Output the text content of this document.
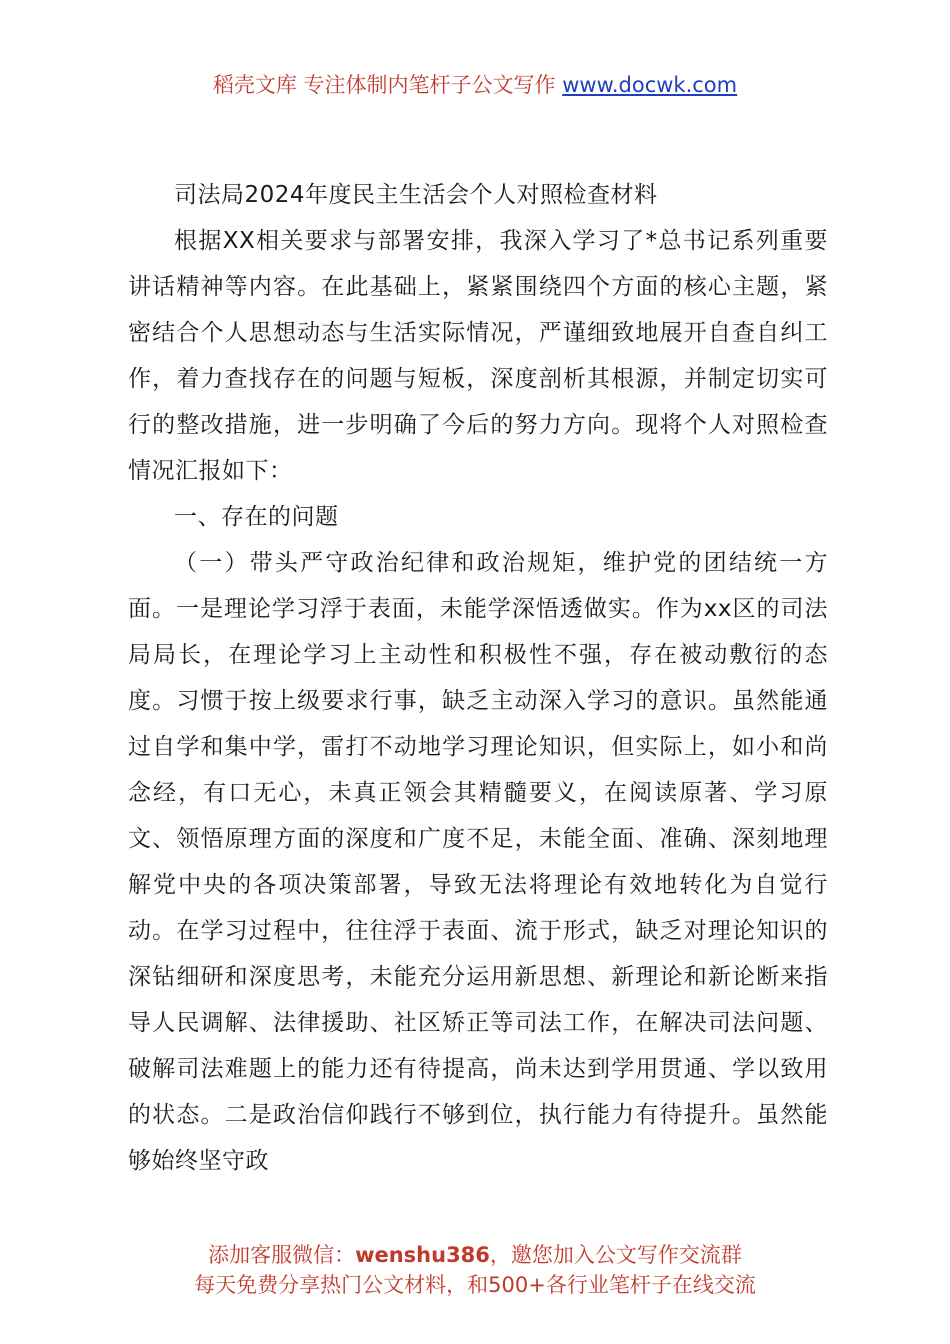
稻壳文库 专注体制内笔杆子公文写作 www.docwk.com
司法局2024年度民主生活会个人对照检查材料

根据XX相关要求与部署安排，我深入学习了*总书记系列重要讲话精神等内容。在此基础上，紧紧围绕四个方面的核心主题，紧密结合个人思想动态与生活实际情况，严谨细致地展开自查自纠工作，着力查找存在的问题与短板，深度剖析其根源，并制定切实可行的整改措施，进一步明确了今后的努力方向。现将个人对照检查情况汇报如下：

一、存在的问题

（一）带头严守政治纪律和政治规矩，维护党的团结统一方面。一是理论学习浮于表面，未能学深悟透做实。作为xx区的司法局局长，在理论学习上主动性和积极性不强，存在被动敷衍的态度。习惯于按上级要求行事，缺乏主动深入学习的意识。虽然能通过自学和集中学，雷打不动地学习理论知识，但实际上，如小和尚念经，有口无心，未真正领会其精髓要义，在阅读原著、学习原文、领悟原理方面的深度和广度不足，未能全面、准确、深刻地理解党中央的各项决策部署，导致无法将理论有效地转化为自觉行动。在学习过程中，往往浮于表面、流于形式，缺乏对理论知识的深钻细研和深度思考，未能充分运用新思想、新理论和新论断来指导人民调解、法律援助、社区矫正等司法工作，在解决司法问题、破解司法难题上的能力还有待提高，尚未达到学用贯通、学以致用的状态。二是政治信仰践行不够到位，执行能力有待提升。虽然能够始终坚守政

添加客服微信：wenshu386，邀您加入公文写作交流群
每天免费分享热门公文材料，和500+各行业笔杆子在线交流
